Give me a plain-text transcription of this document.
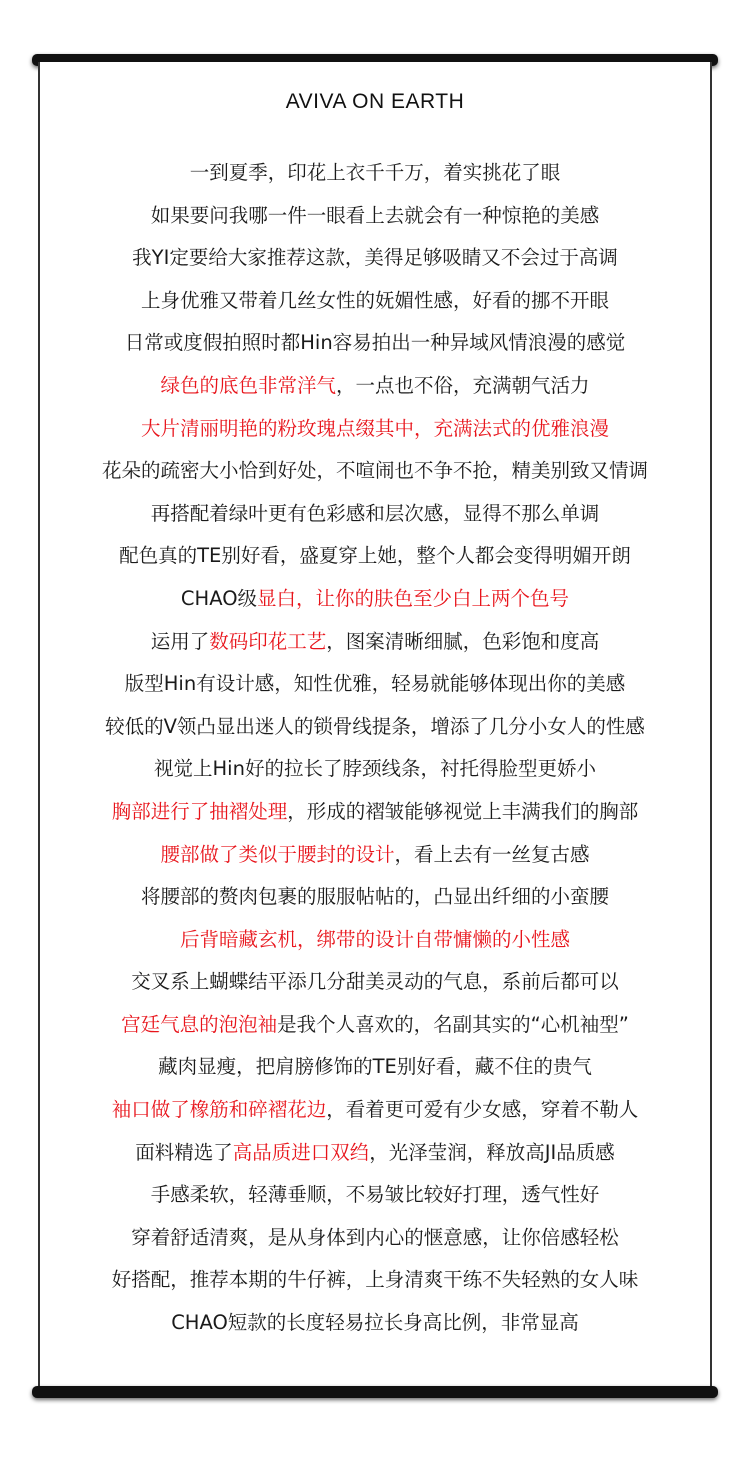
AVIVA ON EARTH
一到夏季，印花上衣千千万，着实挑花了眼
如果要问我哪一件一眼看上去就会有一种惊艳的美感
我YI定要给大家推荐这款，美得足够吸睛又不会过于高调
上身优雅又带着几丝女性的妩媚性感，好看的挪不开眼
日常或度假拍照时都Hin容易拍出一种异域风情浪漫的感觉
绿色的底色非常洋气，一点也不俗，充满朝气活力
大片清丽明艳的粉玫瑰点缀其中，充满法式的优雅浪漫
花朵的疏密大小恰到好处，不喧闹也不争不抢，精美别致又情调
再搭配着绿叶更有色彩感和层次感，显得不那么单调
配色真的TE别好看，盛夏穿上她，整个人都会变得明媚开朗
CHAO级显白，让你的肤色至少白上两个色号
运用了数码印花工艺，图案清晰细腻，色彩饱和度高
版型Hin有设计感，知性优雅，轻易就能够体现出你的美感
较低的V领凸显出迷人的锁骨线提条，增添了几分小女人的性感
视觉上Hin好的拉长了脖颈线条，衬托得脸型更娇小
胸部进行了抽褶处理，形成的褶皱能够视觉上丰满我们的胸部
腰部做了类似于腰封的设计，看上去有一丝复古感
将腰部的赘肉包裹的服服帖帖的，凸显出纤细的小蛮腰
后背暗藏玄机，绑带的设计自带慵懒的小性感
交叉系上蝴蝶结平添几分甜美灵动的气息，系前后都可以
宫廷气息的泡泡袖是我个人喜欢的，名副其实的“心机袖型”
藏肉显瘦，把肩膀修饰的TE别好看，藏不住的贵气
袖口做了橡筋和碎褶花边，看着更可爱有少女感，穿着不勒人
面料精选了高品质进口双绉，光泽莹润，释放高JI品质感
手感柔软，轻薄垂顺，不易皱比较好打理，透气性好
穿着舒适清爽，是从身体到内心的惬意感，让你倍感轻松
好搭配，推荐本期的牛仔裤，上身清爽干练不失轻熟的女人味
CHAO短款的长度轻易拉长身高比例，非常显高
